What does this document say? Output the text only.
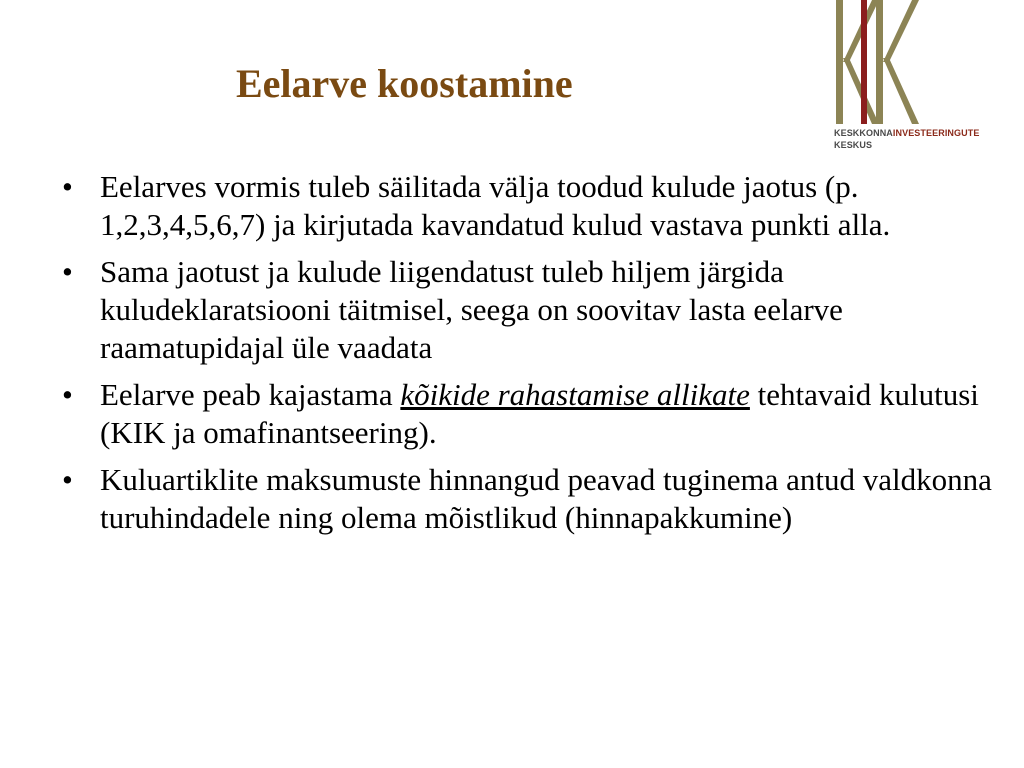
Eelarve koostamine
KESKKONNAINVESTEERINGUTE
KESKUS
• Eelarves vormis tuleb säilitada välja toodud kulude jaotus (p. 1,2,3,4,5,6,7) ja kirjutada kavandatud kulud vastava punkti alla.
• Sama jaotust ja kulude liigendatust tuleb hiljem järgida kuludeklaratsiooni täitmisel, seega on soovitav lasta eelarve raamatupidajal üle vaadata
• Eelarve peab kajastama kõikide rahastamise allikate tehtavaid kulutusi (KIK ja omafinantseering).
• Kuluartiklite maksumuste hinnangud peavad tuginema antud valdkonna turuhindadele ning olema mõistlikud (hinnapakkumine)
